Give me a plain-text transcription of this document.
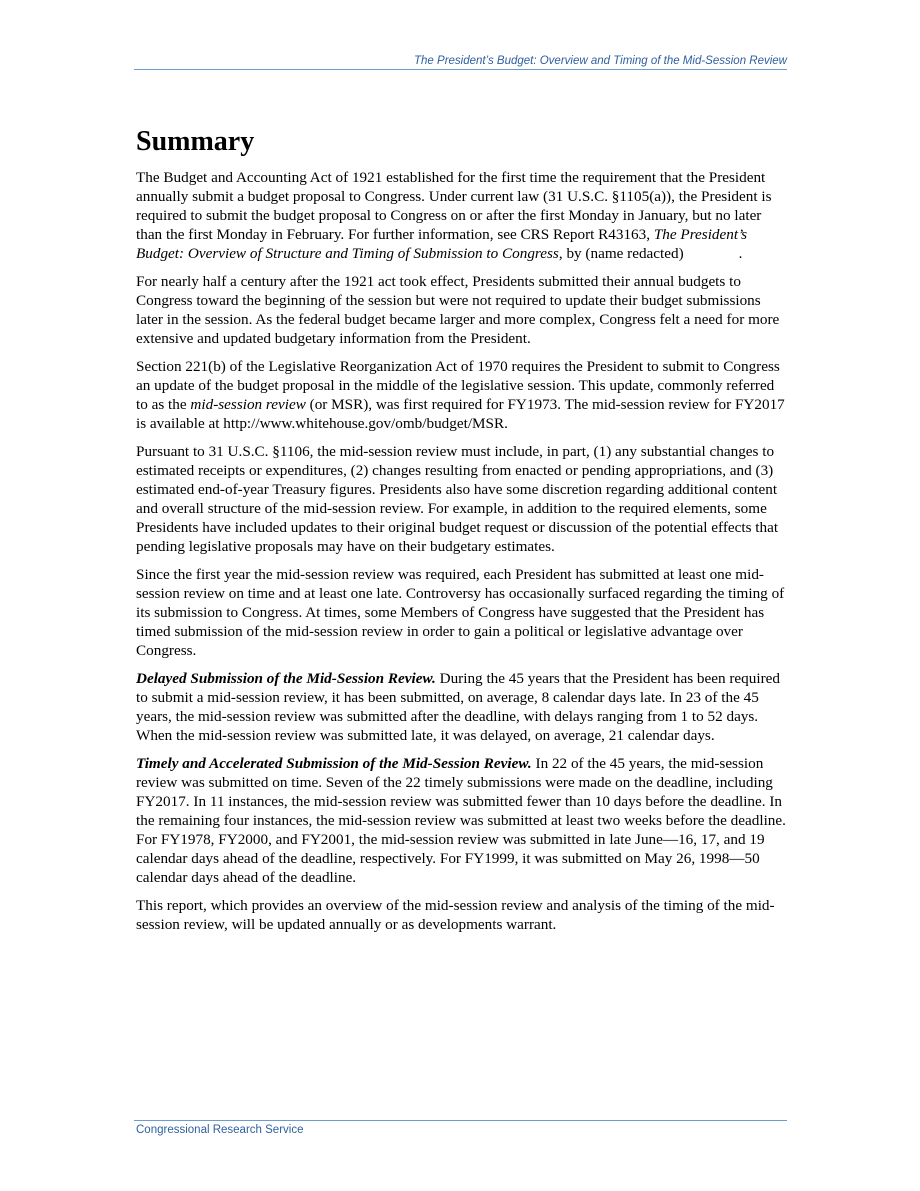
The President’s Budget: Overview and Timing of the Mid-Session Review
Summary

The Budget and Accounting Act of 1921 established for the first time the requirement that the President annually submit a budget proposal to Congress. Under current law (31 U.S.C. §1105(a)), the President is required to submit the budget proposal to Congress on or after the first Monday in January, but no later than the first Monday in February. For further information, see CRS Report R43163, The President’s Budget: Overview of Structure and Timing of Submission to Congress, by (name redacted)	.

For nearly half a century after the 1921 act took effect, Presidents submitted their annual budgets to Congress toward the beginning of the session but were not required to update their budget submissions later in the session. As the federal budget became larger and more complex, Congress felt a need for more extensive and updated budgetary information from the President.

Section 221(b) of the Legislative Reorganization Act of 1970 requires the President to submit to Congress an update of the budget proposal in the middle of the legislative session. This update, commonly referred to as the mid-session review (or MSR), was first required for FY1973. The mid-session review for FY2017 is available at http://www.whitehouse.gov/omb/budget/MSR.

Pursuant to 31 U.S.C. §1106, the mid-session review must include, in part, (1) any substantial changes to estimated receipts or expenditures, (2) changes resulting from enacted or pending appropriations, and (3) estimated end-of-year Treasury figures. Presidents also have some discretion regarding additional content and overall structure of the mid-session review. For example, in addition to the required elements, some Presidents have included updates to their original budget request or discussion of the potential effects that pending legislative proposals may have on their budgetary estimates.

Since the first year the mid-session review was required, each President has submitted at least one mid-session review on time and at least one late. Controversy has occasionally surfaced regarding the timing of its submission to Congress. At times, some Members of Congress have suggested that the President has timed submission of the mid-session review in order to gain a political or legislative advantage over Congress.

Delayed Submission of the Mid-Session Review. During the 45 years that the President has been required to submit a mid-session review, it has been submitted, on average, 8 calendar days late. In 23 of the 45 years, the mid-session review was submitted after the deadline, with delays ranging from 1 to 52 days. When the mid-session review was submitted late, it was delayed, on average, 21 calendar days.

Timely and Accelerated Submission of the Mid-Session Review. In 22 of the 45 years, the mid-session review was submitted on time. Seven of the 22 timely submissions were made on the deadline, including FY2017. In 11 instances, the mid-session review was submitted fewer than 10 days before the deadline. In the remaining four instances, the mid-session review was submitted at least two weeks before the deadline. For FY1978, FY2000, and FY2001, the mid-session review was submitted in late June—16, 17, and 19 calendar days ahead of the deadline, respectively. For FY1999, it was submitted on May 26, 1998—50 calendar days ahead of the deadline.

This report, which provides an overview of the mid-session review and analysis of the timing of the mid-session review, will be updated annually or as developments warrant.

Congressional Research Service
